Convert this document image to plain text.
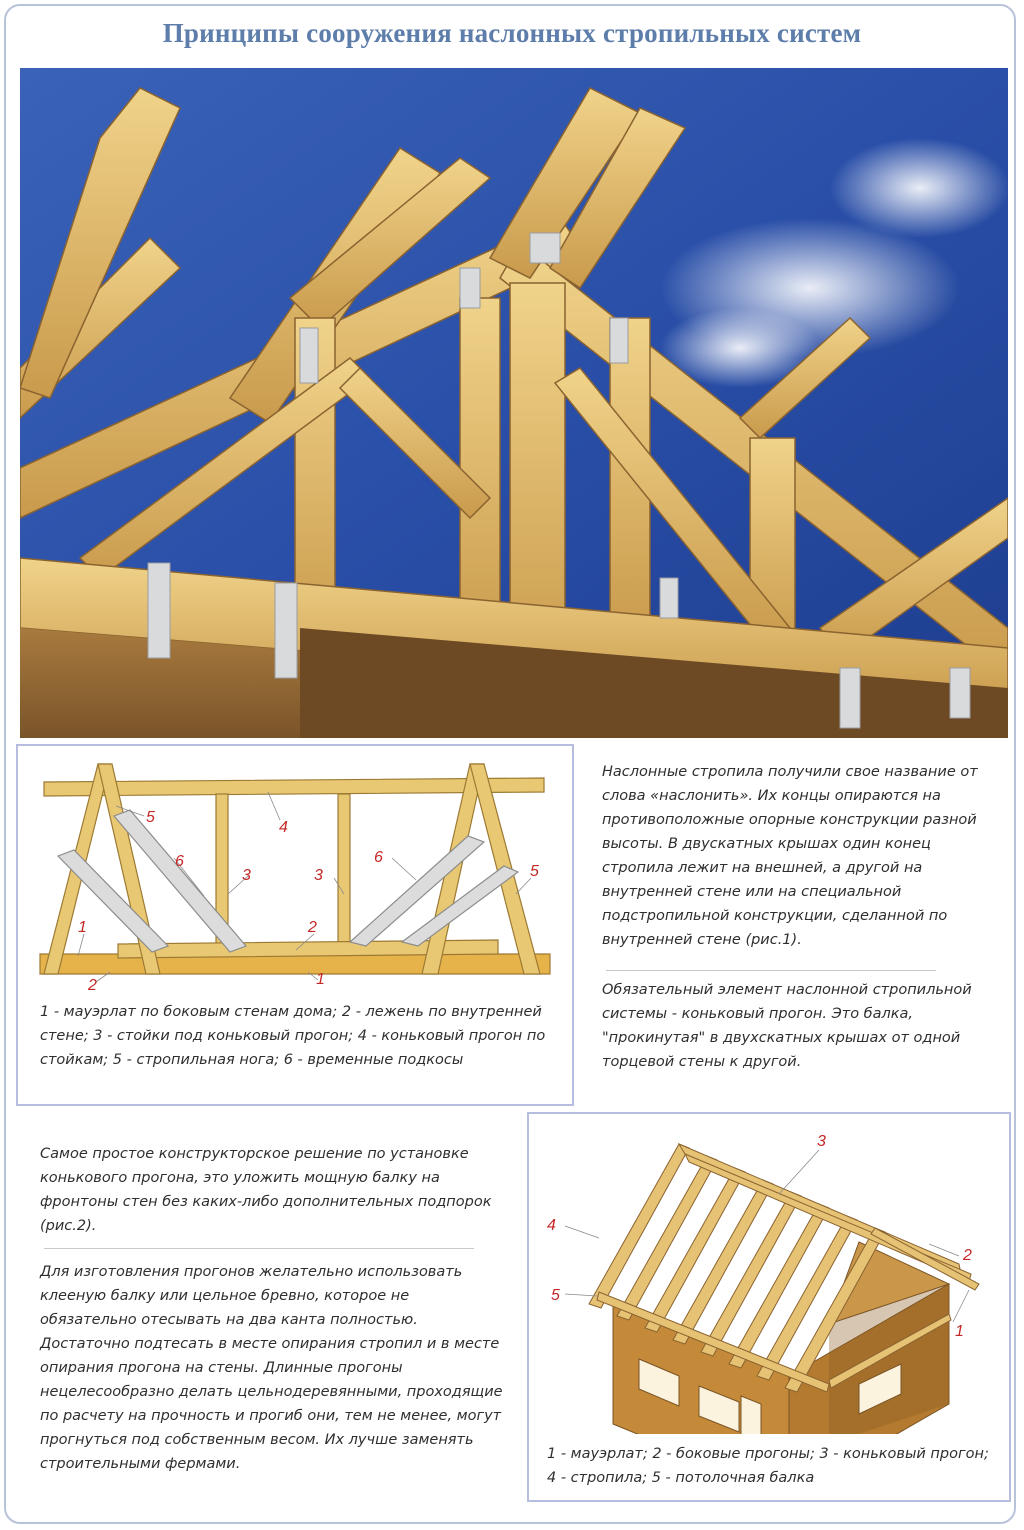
Принципы сооружения наслонных стропильных систем
5
4
6
3	3
6
5
2
1
1
2
1 - мауэрлат по боковым стенам дома; 2 - лежень по внутренней стене; 3 - стойки под коньковый прогон; 4 - коньковый прогон по стойкам; 5 - стропильная нога; 6 - временные подкосы
Наслонные стропила получили свое название от слова «наслонить». Их концы опираются на противоположные опорные конструкции разной высоты. В двускатных крышах один конец стропила лежит на внешней, а другой на внутренней стене или на специальной подстропильной конструкции, сделанной по внутренней стене (рис.1).
Обязательный элемент наслонной стропильной системы - коньковый прогон. Это балка, "прокинутая" в двухскатных крышах от одной торцевой стены к другой.
Самое простое конструкторское решение по установке конькового прогона, это уложить мощную балку на фронтоны стен без каких-либо дополнительных подпорок (рис.2).
Для изготовления прогонов желательно использовать клееную балку или цельное бревно, которое не обязательно отесывать на два канта полностью. Достаточно подтесать в месте опирания стропил и в месте опирания прогона на стены. Длинные прогоны нецелесообразно делать цельнодеревянными, проходящие по расчету на прочность и прогиб они, тем не менее, могут прогнуться под собственным весом. Их лучше заменять строительными фермами.
3
4
2
5
1
1 - мауэрлат; 2 - боковые прогоны; 3 - коньковый прогон; 4 - стропила; 5 - потолочная балка
